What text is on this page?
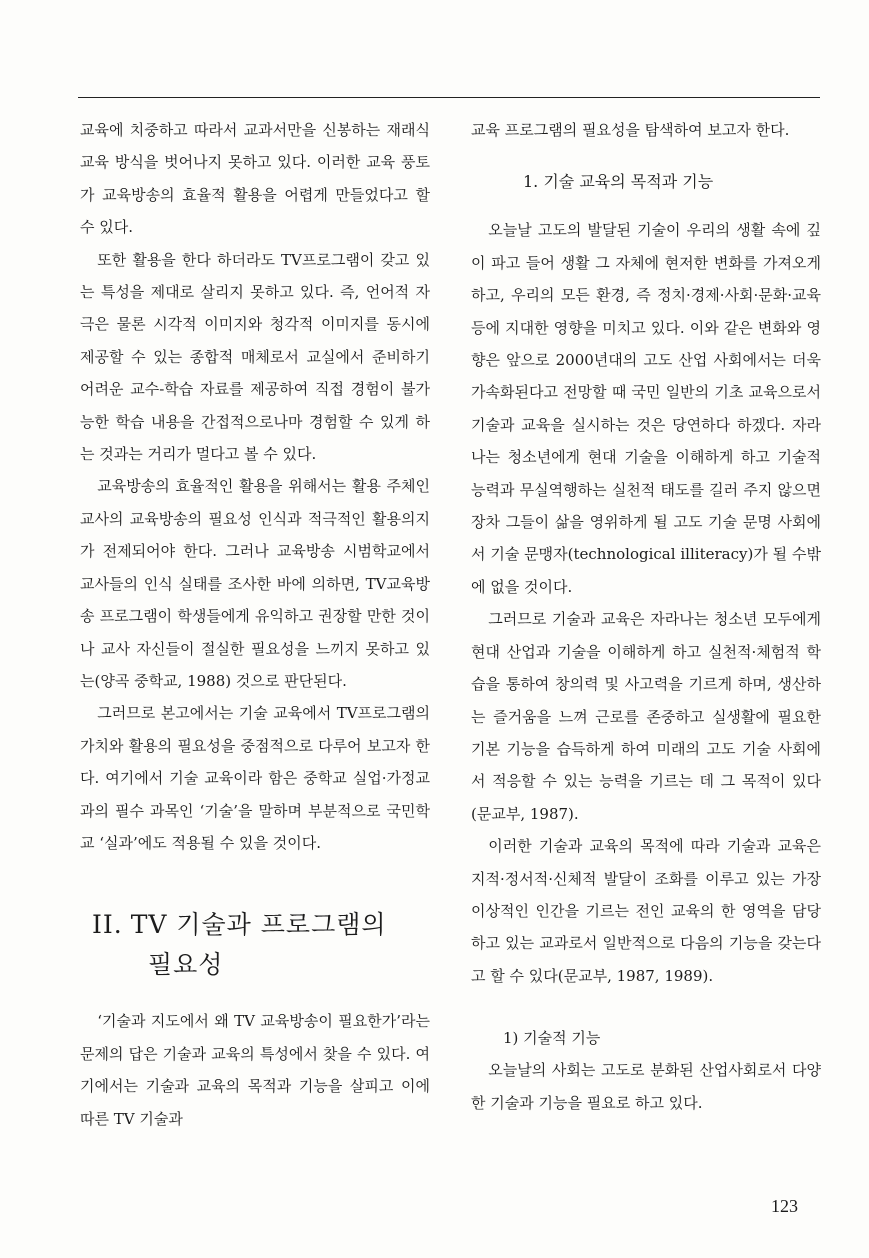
교육에 치중하고 따라서 교과서만을 신봉하는 재래식 교육 방식을 벗어나지 못하고 있다. 이러한 교육 풍토가 교육방송의 효율적 활용을 어렵게 만들었다고 할 수 있다.

또한 활용을 한다 하더라도 TV프로그램이 갖고 있는 특성을 제대로 살리지 못하고 있다. 즉, 언어적 자극은 물론 시각적 이미지와 청각적 이미지를 동시에 제공할 수 있는 종합적 매체로서 교실에서 준비하기 어려운 교수-학습 자료를 제공하여 직접 경험이 불가능한 학습 내용을 간접적으로나마 경험할 수 있게 하는 것과는 거리가 멀다고 볼 수 있다.

교육방송의 효율적인 활용을 위해서는 활용 주체인 교사의 교육방송의 필요성 인식과 적극적인 활용의지가 전제되어야 한다. 그러나 교육방송 시범학교에서 교사들의 인식 실태를 조사한 바에 의하면, TV교육방송 프로그램이 학생들에게 유익하고 권장할 만한 것이나 교사 자신들이 절실한 필요성을 느끼지 못하고 있는(양곡 중학교, 1988) 것으로 판단된다.

그러므로 본고에서는 기술 교육에서 TV프로그램의 가치와 활용의 필요성을 중점적으로 다루어 보고자 한다. 여기에서 기술 교육이라 함은 중학교 실업·가정교과의 필수 과목인 ‘기술’을 말하며 부분적으로 국민학교 ‘실과’에도 적용될 수 있을 것이다.

II. TV 기술과 프로그램의
필요성

‘기술과 지도에서 왜 TV 교육방송이 필요한가’라는 문제의 답은 기술과 교육의 특성에서 찾을 수 있다. 여기에서는 기술과 교육의 목적과 기능을 살피고 이에 따른 TV 기술과

교육 프로그램의 필요성을 탐색하여 보고자 한다.

1. 기술 교육의 목적과 기능

오늘날 고도의 발달된 기술이 우리의 생활 속에 깊이 파고 들어 생활 그 자체에 현저한 변화를 가져오게 하고, 우리의 모든 환경, 즉 정치·경제·사회·문화·교육 등에 지대한 영향을 미치고 있다. 이와 같은 변화와 영향은 앞으로 2000년대의 고도 산업 사회에서는 더욱 가속화된다고 전망할 때 국민 일반의 기초 교육으로서 기술과 교육을 실시하는 것은 당연하다 하겠다. 자라나는 청소년에게 현대 기술을 이해하게 하고 기술적 능력과 무실역행하는 실천적 태도를 길러 주지 않으면 장차 그들이 삶을 영위하게 될 고도 기술 문명 사회에서 기술 문맹자(technological illiteracy)가 될 수밖에 없을 것이다.

그러므로 기술과 교육은 자라나는 청소년 모두에게 현대 산업과 기술을 이해하게 하고 실천적·체험적 학습을 통하여 창의력 및 사고력을 기르게 하며, 생산하는 즐거움을 느껴 근로를 존중하고 실생활에 필요한 기본 기능을 습득하게 하여 미래의 고도 기술 사회에서 적응할 수 있는 능력을 기르는 데 그 목적이 있다(문교부, 1987).

이러한 기술과 교육의 목적에 따라 기술과 교육은 지적·정서적·신체적 발달이 조화를 이루고 있는 가장 이상적인 인간을 기르는 전인 교육의 한 영역을 담당하고 있는 교과로서 일반적으로 다음의 기능을 갖는다고 할 수 있다(문교부, 1987, 1989).

1) 기술적 기능

오늘날의 사회는 고도로 분화된 산업사회로서 다양한 기술과 기능을 필요로 하고 있다.

123
